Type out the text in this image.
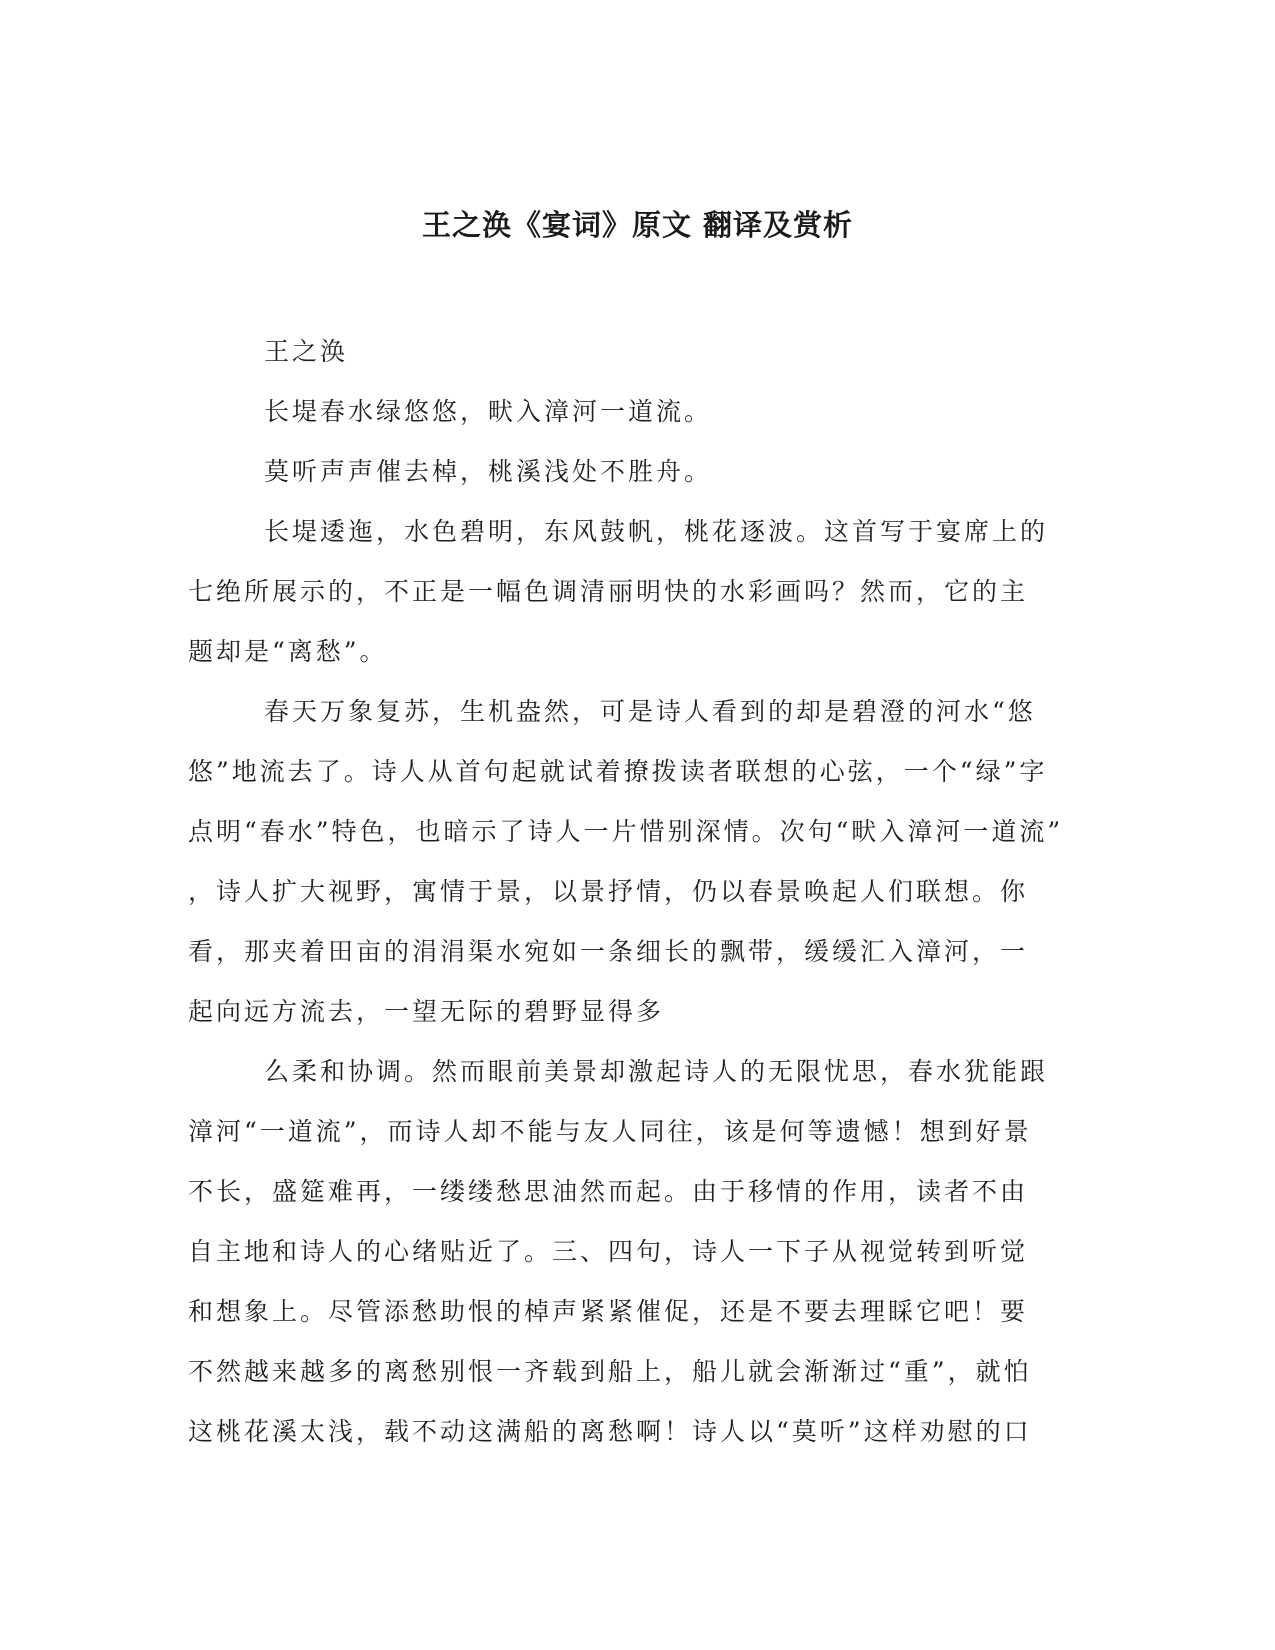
王之涣《宴词》原文 翻译及赏析
王之涣
长堤春水绿悠悠，畎入漳河一道流。
莫听声声催去棹，桃溪浅处不胜舟。
长堤逶迤，水色碧明，东风鼓帆，桃花逐波。这首写于宴席上的
七绝所展示的，不正是一幅色调清丽明快的水彩画吗？然而，它的主
题却是“离愁”。
春天万象复苏，生机盎然，可是诗人看到的却是碧澄的河水“悠
悠”地流去了。诗人从首句起就试着撩拨读者联想的心弦，一个“绿”字
点明“春水”特色，也暗示了诗人一片惜别深情。次句“畎入漳河一道流”
，诗人扩大视野，寓情于景，以景抒情，仍以春景唤起人们联想。你
看，那夹着田亩的涓涓渠水宛如一条细长的飘带，缓缓汇入漳河，一
起向远方流去，一望无际的碧野显得多
么柔和协调。然而眼前美景却激起诗人的无限忧思，春水犹能跟
漳河“一道流”，而诗人却不能与友人同往，该是何等遗憾！想到好景
不长，盛筵难再，一缕缕愁思油然而起。由于移情的作用，读者不由
自主地和诗人的心绪贴近了。三、四句，诗人一下子从视觉转到听觉
和想象上。尽管添愁助恨的棹声紧紧催促，还是不要去理睬它吧！要
不然越来越多的离愁别恨一齐载到船上，船儿就会渐渐过“重”，就怕
这桃花溪太浅，载不动这满船的离愁啊！诗人以“莫听”这样劝慰的口
